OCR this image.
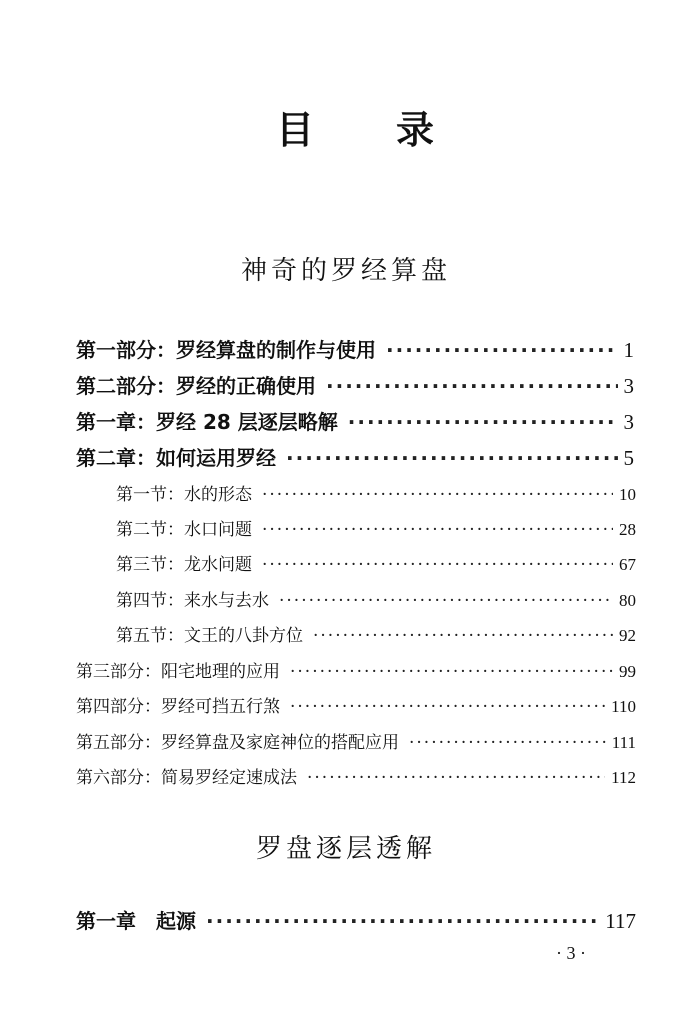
目 录
神奇的罗经算盘
第一部分：罗经算盘的制作与使用 ·····	1
第二部分：罗经的正确使用 ·····	3
第一章：罗经 28 层逐层略解 ·····	3
第二章：如何运用罗经 ·····	5
第一节：水的形态 ·····	10
第二节：水口问题 ·····	28
第三节：龙水问题 ·····	67
第四节：来水与去水 ·····	80
第五节：文王的八卦方位 ·····	92
第三部分：阳宅地理的应用 ·····	99
第四部分：罗经可挡五行煞 ·····	110
第五部分：罗经算盘及家庭神位的搭配应用 ·····	111
第六部分：简易罗经定速成法 ·····	112
罗盘逐层透解
第一章　起源 ·····	117
· 3 ·
